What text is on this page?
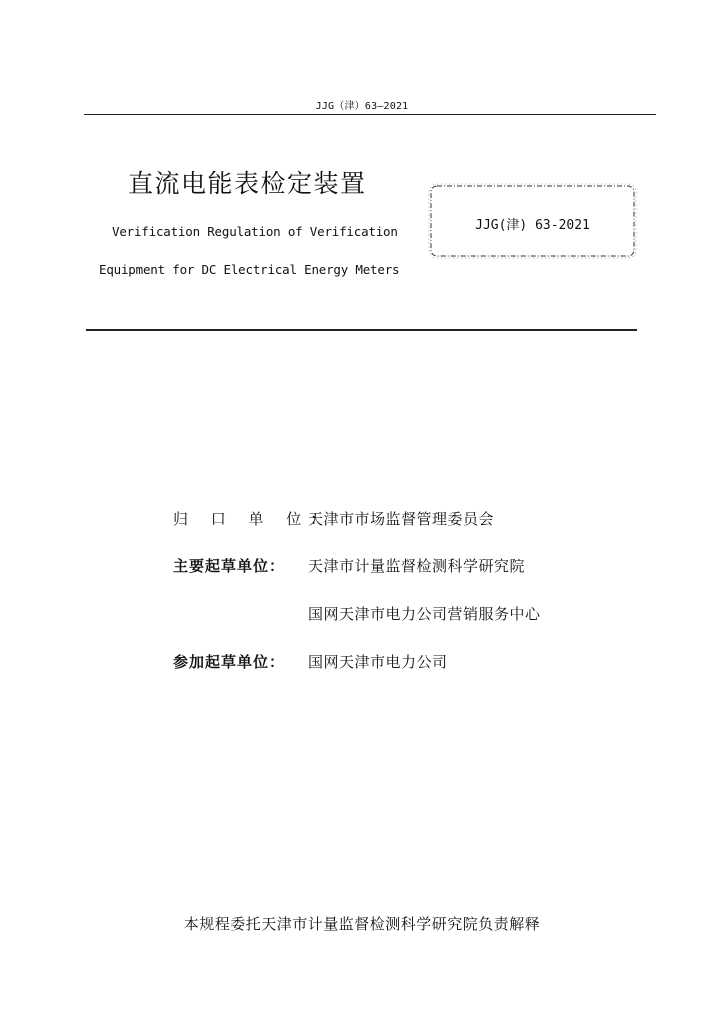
JJG（津）63—2021
直流电能表检定装置
Verification Regulation of Verification
Equipment for DC Electrical Energy Meters
JJG(津) 63-2021
归 口 单 位：
天津市市场监督管理委员会
主要起草单位：	天津市计量监督检测科学研究院
国网天津市电力公司营销服务中心
参加起草单位：	国网天津市电力公司
本规程委托天津市计量监督检测科学研究院负责解释
